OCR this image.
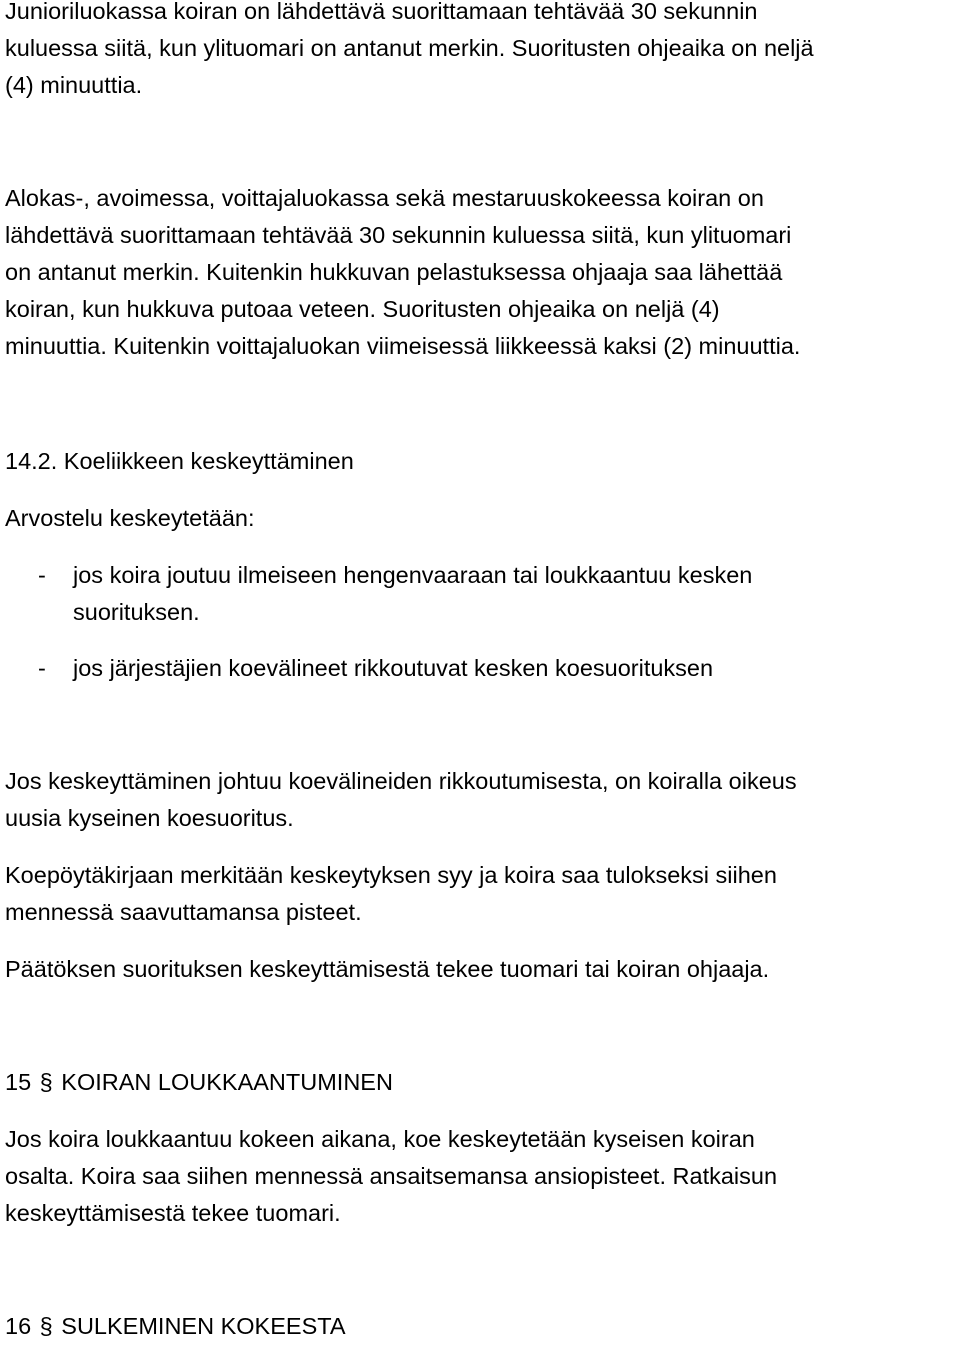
Junioriluokassa koiran on lähdettävä suorittamaan tehtävää 30 sekunnin
kuluessa siitä, kun ylituomari on antanut merkin. Suoritusten ohjeaika on neljä
(4) minuuttia.
Alokas-, avoimessa, voittajaluokassa sekä mestaruuskokeessa koiran on
lähdettävä suorittamaan tehtävää 30 sekunnin kuluessa siitä, kun ylituomari
on antanut merkin. Kuitenkin hukkuvan pelastuksessa ohjaaja saa lähettää
koiran, kun hukkuva putoaa veteen. Suoritusten ohjeaika on neljä (4)
minuuttia. Kuitenkin voittajaluokan viimeisessä liikkeessä kaksi (2) minuuttia.
14.2. Koeliikkeen keskeyttäminen
Arvostelu keskeytetään:
- jos koira joutuu ilmeiseen hengenvaaraan tai loukkaantuu kesken
suorituksen.
- jos järjestäjien koevälineet rikkoutuvat kesken koesuorituksen
Jos keskeyttäminen johtuu koevälineiden rikkoutumisesta, on koiralla oikeus
uusia kyseinen koesuoritus.
Koepöytäkirjaan merkitään keskeytyksen syy ja koira saa tulokseksi siihen
mennessä saavuttamansa pisteet.
Päätöksen suorituksen keskeyttämisestä tekee tuomari tai koiran ohjaaja.
15 § KOIRAN LOUKKAANTUMINEN
Jos koira loukkaantuu kokeen aikana, koe keskeytetään kyseisen koiran
osalta. Koira saa siihen mennessä ansaitsemansa ansiopisteet. Ratkaisun
keskeyttämisestä tekee tuomari.
16 § SULKEMINEN KOKEESTA
